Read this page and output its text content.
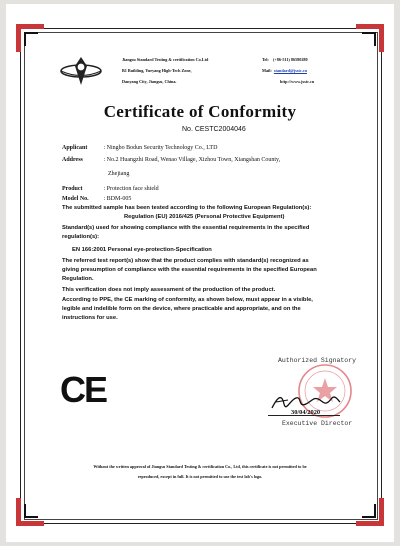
Jiangsu Standard Testing & certification Co.Ltd
B1 Building, Yueyang High-Tech Zone,
Danyang City, Jiangsu, China.
Tel: (+86-511) 86580280
Mail: standard@jsstc.cn
http://www.jsstc.cn
Certificate of Conformity
No. CESTC2004046
Applicant	: Ningbo Bodun Security Technology Co., LTD
Address	: No.2 Huangzhi Road, Wenao Village, Xizhou Town, Xiangshan County,
Zhejiang
Product	: Protection face shield
Model No. : BDM-005
The submitted sample has been tested according to the following European Regulation(s):
Regulation (EU) 2016/425 (Personal Protective Equipment)
Standard(s) used for showing compliance with the essential requirements in the specified
regulation(s):
EN 166:2001 Personal eye-protection-Specification
The referred test report(s) show that the product complies with standard(s) recognized as
giving presumption of compliance with the essential requirements in the specified European
Regulation.
This verification does not imply assessment of the production of the product.
According to PPE, the CE marking of conformity, as shown below, must appear in a visible,
legible and indelible form on the device, where practicable and appropriate, and on the
instructions for use.
CE
Authorized Signatory
30/04/2020
Executive Director
Without the written approval of Jiangsu Standard Testing & certification Co., Ltd, this certificate is not permitted to be
reproduced, except in full. It is not permitted to use the test lab's logo.
